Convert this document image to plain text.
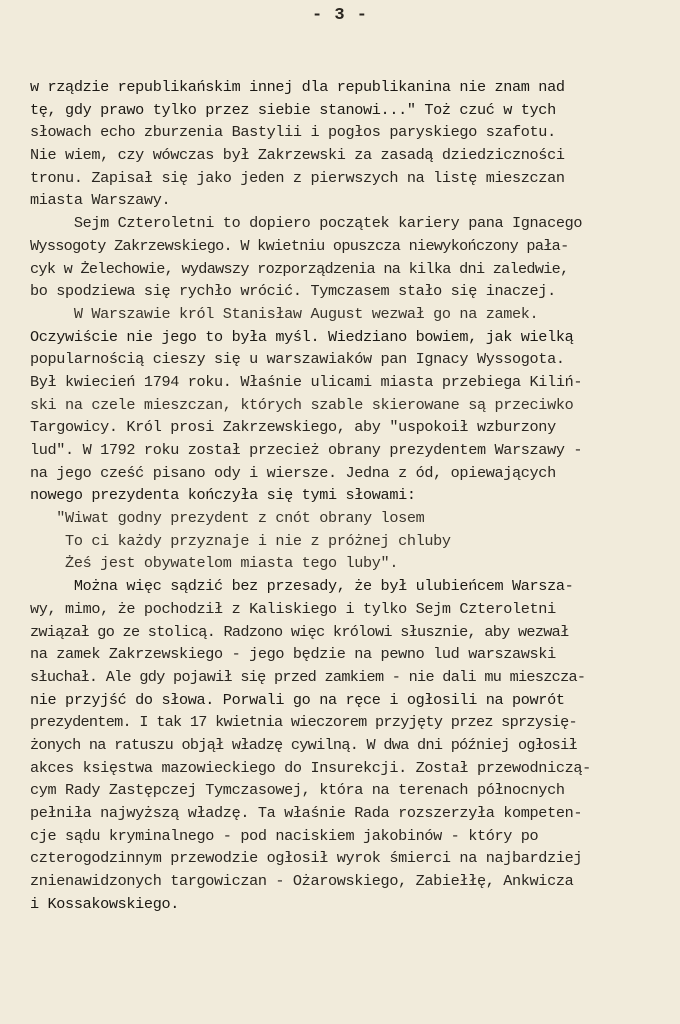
- 3 -
w rządzie republikańskim innej dla republikanina nie znam nad
tę, gdy prawo tylko przez siebie stanowi..." Toż czuć w tych
słowach echo zburzenia Bastylii i pogłos paryskiego szafotu.
Nie wiem, czy wówczas był Zakrzewski za zasadą dziedziczności
tronu. Zapisał się jako jeden z pierwszych na listę mieszczan
miasta Warszawy.
Sejm Czteroletni to dopiero początek kariery pana Ignacego
Wyssogoty Zakrzewskiego. W kwietniu opuszcza niewykończony pała-
cyk w Żelechowie, wydawszy rozporządzenia na kilka dni zaledwie,
bo spodziewa się rychło wrócić. Tymczasem stało się inaczej.
W Warszawie król Stanisław August wezwał go na zamek.
Oczywiście nie jego to była myśl. Wiedziano bowiem, jak wielką
popularnością cieszy się u warszawiaków pan Ignacy Wyssogota.
Był kwiecień 1794 roku. Właśnie ulicami miasta przebiega Kiliń-
ski na czele mieszczan, których szable skierowane są przeciwko
Targowicy. Król prosi Zakrzewskiego, aby "uspokoił wzburzony
lud". W 1792 roku został przecież obrany prezydentem Warszawy -
na jego cześć pisano ody i wiersze. Jedna z ód, opiewających
nowego prezydenta kończyła się tymi słowami:
"Wiwat godny prezydent z cnót obrany losem
To ci każdy przyznaje i nie z próżnej chluby
Żeś jest obywatelom miasta tego luby".
Można więc sądzić bez przesady, że był ulubieńcem Warsza-
wy, mimo, że pochodził z Kaliskiego i tylko Sejm Czteroletni
związał go ze stolicą. Radzono więc królowi słusznie, aby wezwał
na zamek Zakrzewskiego - jego będzie na pewno lud warszawski
słuchał. Ale gdy pojawił się przed zamkiem - nie dali mu mieszcza-
nie przyjść do słowa. Porwali go na ręce i ogłosili na powrót
prezydentem. I tak 17 kwietnia wieczorem przyjęty przez sprzysię-
żonych na ratuszu objął władzę cywilną. W dwa dni później ogłosił
akces księstwa mazowieckiego do Insurekcji. Został przewodniczą-
cym Rady Zastępczej Tymczasowej, która na terenach północnych
pełniła najwyższą władzę. Ta właśnie Rada rozszerzyła kompeten-
cje sądu kryminalnego - pod naciskiem jakobinów - który po
czterogodzinnym przewodzie ogłosił wyrok śmierci na najbardziej
znienawidzonych targowiczan - Ożarowskiego, Zabiełłę, Ankwicza
i Kossakowskiego.
